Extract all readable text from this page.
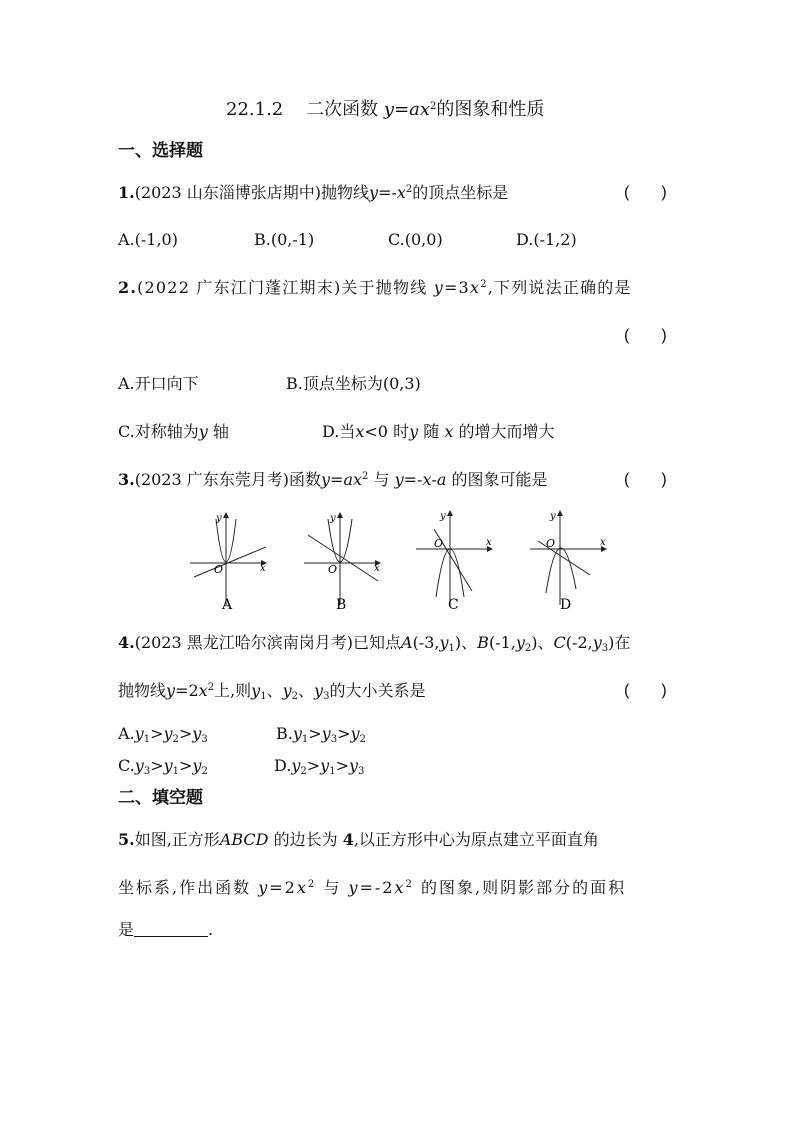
22.1.2 二次函数 $y=ax^2$的图象和性质
一、选择题
1.(2023 山东淄博张店期中)抛物线$y=-x^2$的顶点坐标是	(　　)
A.(-1,0)	B.(0,-1)	C.(0,0)	D.(-1,2)
2.(2022 广东江门蓬江期末)关于抛物线 $y=3x^2$,下列说法正确的是
(　　)
A.开口向下	B.顶点坐标为(0,3)
C.对称轴为y 轴	D.当x<0 时y 随 x 的增大而增大
3.(2023 广东东莞月考)函数$y=ax^2$ 与 y=-x-a 的图象可能是	(　　)
y
x
O
A
y
x
O
B
y
x
O
C
y
x
O
D
4.(2023 黑龙江哈尔滨南岗月考)已知点$A(-3,y_1)$、$B(-1,y_2)$、$C(-2,y_3)$在
抛物线$y=2x^2$上,则$y_1$、$y_2$、$y_3$的大小关系是	(　　)
$A.y_1>y_2>y_3$	$B.y_1>y_3>y_2$
$C.y_3>y_1>y_2$	$D.y_2>y_1>y_3$
二、填空题
5.如图,正方形ABCD 的边长为 4,以正方形中心为原点建立平面直角
坐标系,作出函数 $y=2x^2$ 与 $y=-2x^2$ 的图象,则阴影部分的面积
是	.
